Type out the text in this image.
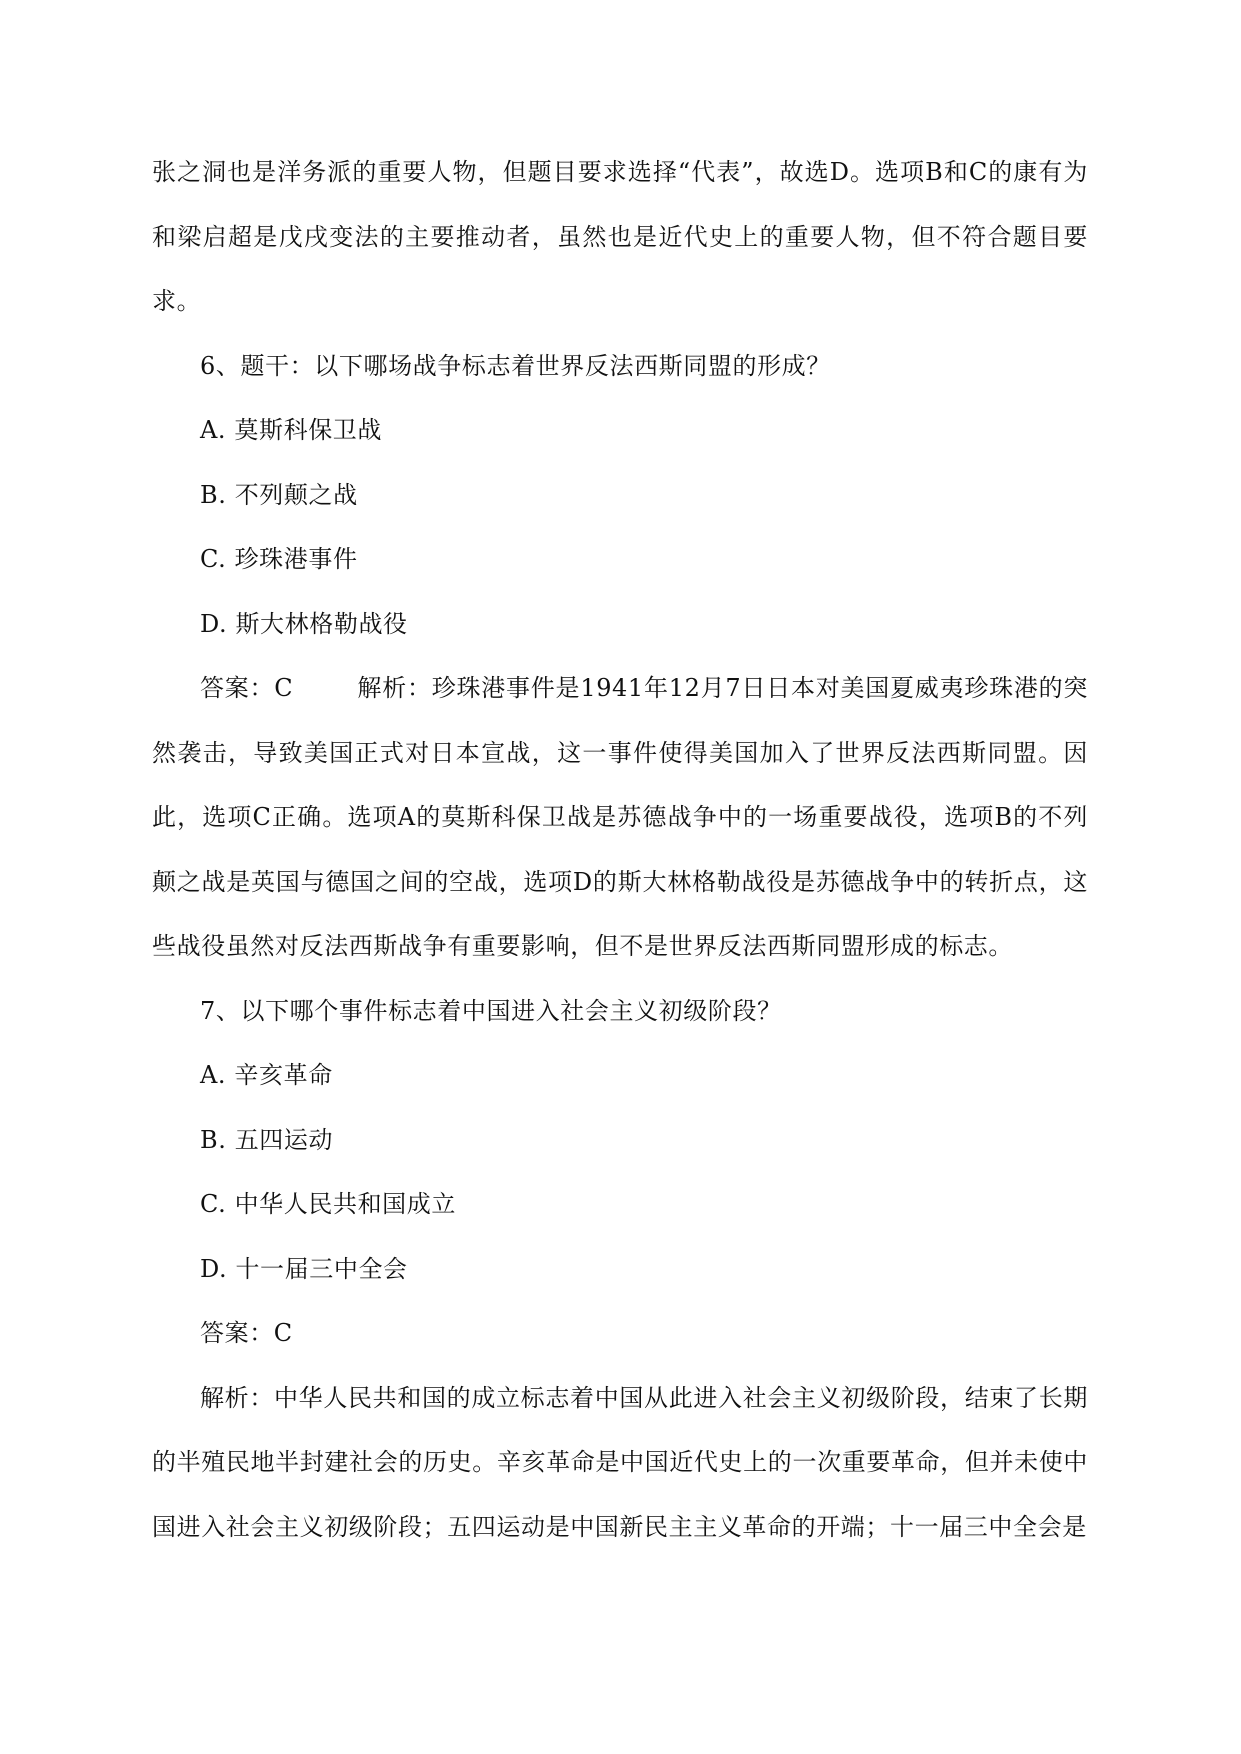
张之洞也是洋务派的重要人物，但题目要求选择“代表”，故选D。选项B和C的康有为和梁启超是戊戌变法的主要推动者，虽然也是近代史上的重要人物，但不符合题目要求。

6、题干：以下哪场战争标志着世界反法西斯同盟的形成？

A. 莫斯科保卫战

B. 不列颠之战

C. 珍珠港事件

D. 斯大林格勒战役

答案：C	解析：珍珠港事件是1941年12月7日日本对美国夏威夷珍珠港的突然袭击，导致美国正式对日本宣战，这一事件使得美国加入了世界反法西斯同盟。因此，选项C正确。选项A的莫斯科保卫战是苏德战争中的一场重要战役，选项B的不列颠之战是英国与德国之间的空战，选项D的斯大林格勒战役是苏德战争中的转折点，这些战役虽然对反法西斯战争有重要影响，但不是世界反法西斯同盟形成的标志。

7、以下哪个事件标志着中国进入社会主义初级阶段？

A. 辛亥革命

B. 五四运动

C. 中华人民共和国成立

D. 十一届三中全会

答案：C

解析：中华人民共和国的成立标志着中国从此进入社会主义初级阶段，结束了长期的半殖民地半封建社会的历史。辛亥革命是中国近代史上的一次重要革命，但并未使中国进入社会主义初级阶段；五四运动是中国新民主主义革命的开端；十一届三中全会是
